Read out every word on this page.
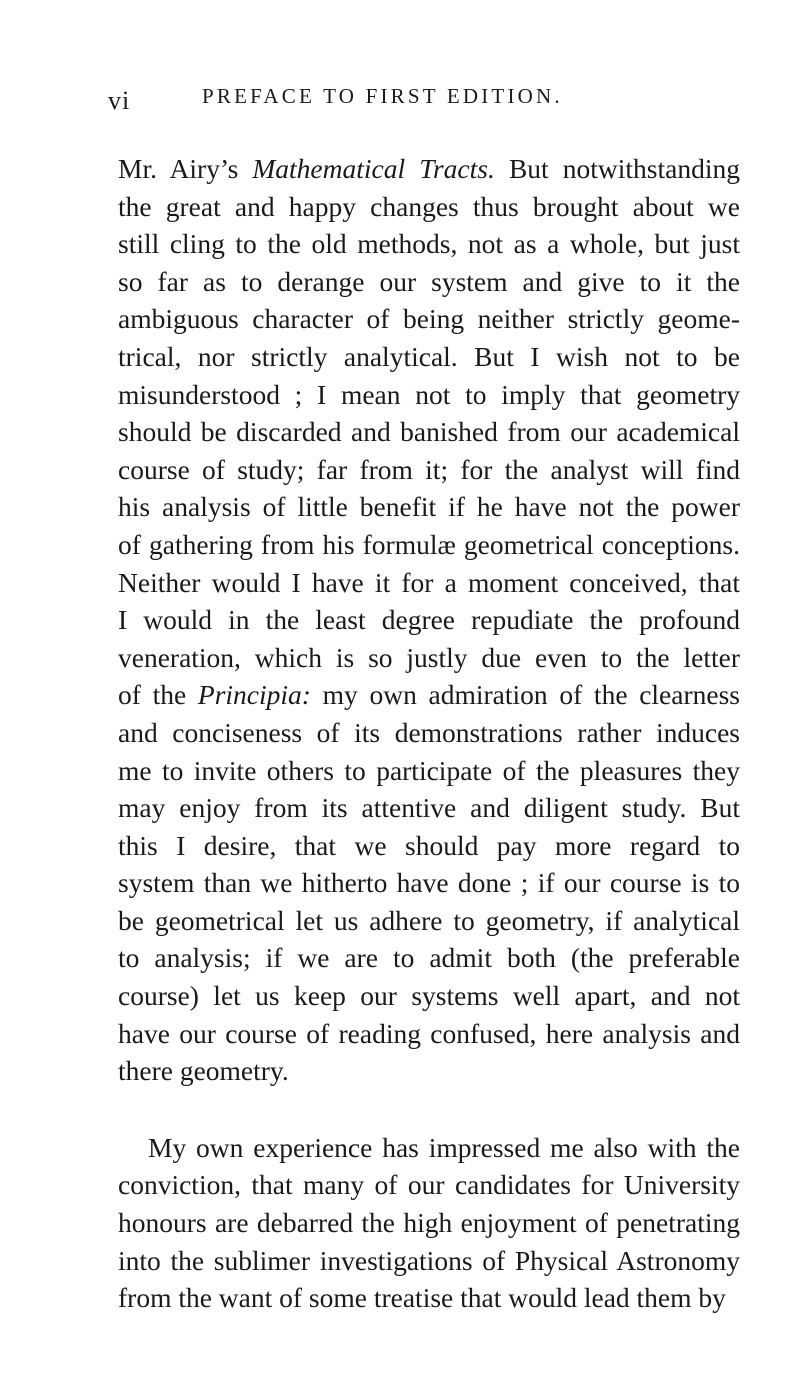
vi	PREFACE TO FIRST EDITION.
Mr. Airy’s Mathematical Tracts. But notwithstanding
the great and happy changes thus brought about we
still cling to the old methods, not as a whole, but just
so far as to derange our system and give to it the
ambiguous character of being neither strictly geome-
trical, nor strictly analytical. But I wish not to be
misunderstood ; I mean not to imply that geometry
should be discarded and banished from our academical
course of study; far from it; for the analyst will find
his analysis of little benefit if he have not the power
of gathering from his formulæ geometrical conceptions.
Neither would I have it for a moment conceived, that
I would in the least degree repudiate the profound
veneration, which is so justly due even to the letter
of the Principia: my own admiration of the clearness
and conciseness of its demonstrations rather induces
me to invite others to participate of the pleasures they
may enjoy from its attentive and diligent study. But
this I desire, that we should pay more regard to
system than we hitherto have done ; if our course is to
be geometrical let us adhere to geometry, if analytical
to analysis; if we are to admit both (the preferable
course) let us keep our systems well apart, and not
have our course of reading confused, here analysis and
there geometry.
My own experience has impressed me also with the
conviction, that many of our candidates for University
honours are debarred the high enjoyment of penetrating
into the sublimer investigations of Physical Astronomy
from the want of some treatise that would lead them by
